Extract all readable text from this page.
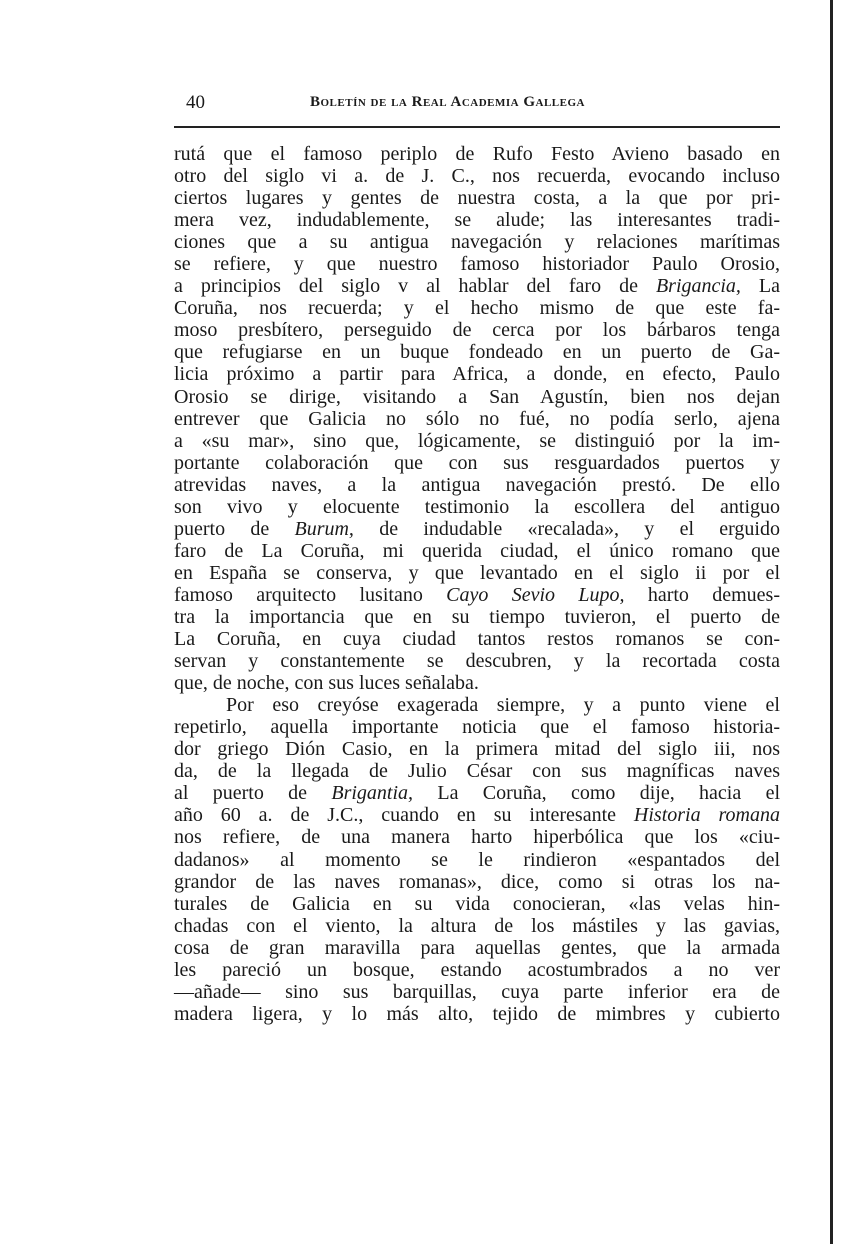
40	Boletín de la Real Academia Gallega
rutá que el famoso periplo de Rufo Festo Avieno basado en
otro del siglo vi a. de J. C., nos recuerda, evocando incluso
ciertos lugares y gentes de nuestra costa, a la que por pri-
mera vez, indudablemente, se alude; las interesantes tradi-
ciones que a su antigua navegación y relaciones marítimas
se refiere, y que nuestro famoso historiador Paulo Orosio,
a principios del siglo v al hablar del faro de Brigancia, La
Coruña, nos recuerda; y el hecho mismo de que este fa-
moso presbítero, perseguido de cerca por los bárbaros tenga
que refugiarse en un buque fondeado en un puerto de Ga-
licia próximo a partir para Africa, a donde, en efecto, Paulo
Orosio se dirige, visitando a San Agustín, bien nos dejan
entrever que Galicia no sólo no fué, no podía serlo, ajena
a «su mar», sino que, lógicamente, se distinguió por la im-
portante colaboración que con sus resguardados puertos y
atrevidas naves, a la antigua navegación prestó. De ello
son vivo y elocuente testimonio la escollera del antiguo
puerto de Burum, de indudable «recalada», y el erguido
faro de La Coruña, mi querida ciudad, el único romano que
en España se conserva, y que levantado en el siglo ii por el
famoso arquitecto lusitano Cayo Sevio Lupo, harto demues-
tra la importancia que en su tiempo tuvieron, el puerto de
La Coruña, en cuya ciudad tantos restos romanos se con-
servan y constantemente se descubren, y la recortada costa
que, de noche, con sus luces señalaba.
Por eso creyóse exagerada siempre, y a punto viene el
repetirlo, aquella importante noticia que el famoso historia-
dor griego Dión Casio, en la primera mitad del siglo iii, nos
da, de la llegada de Julio César con sus magníficas naves
al puerto de Brigantia, La Coruña, como dije, hacia el
año 60 a. de J.C., cuando en su interesante Historia romana
nos refiere, de una manera harto hiperbólica que los «ciu-
dadanos» al momento se le rindieron «espantados del
grandor de las naves romanas», dice, como si otras los na-
turales de Galicia en su vida conocieran, «las velas hin-
chadas con el viento, la altura de los mástiles y las gavias,
cosa de gran maravilla para aquellas gentes, que la armada
les pareció un bosque, estando acostumbrados a no ver
—añade— sino sus barquillas, cuya parte inferior era de
madera ligera, y lo más alto, tejido de mimbres y cubierto
